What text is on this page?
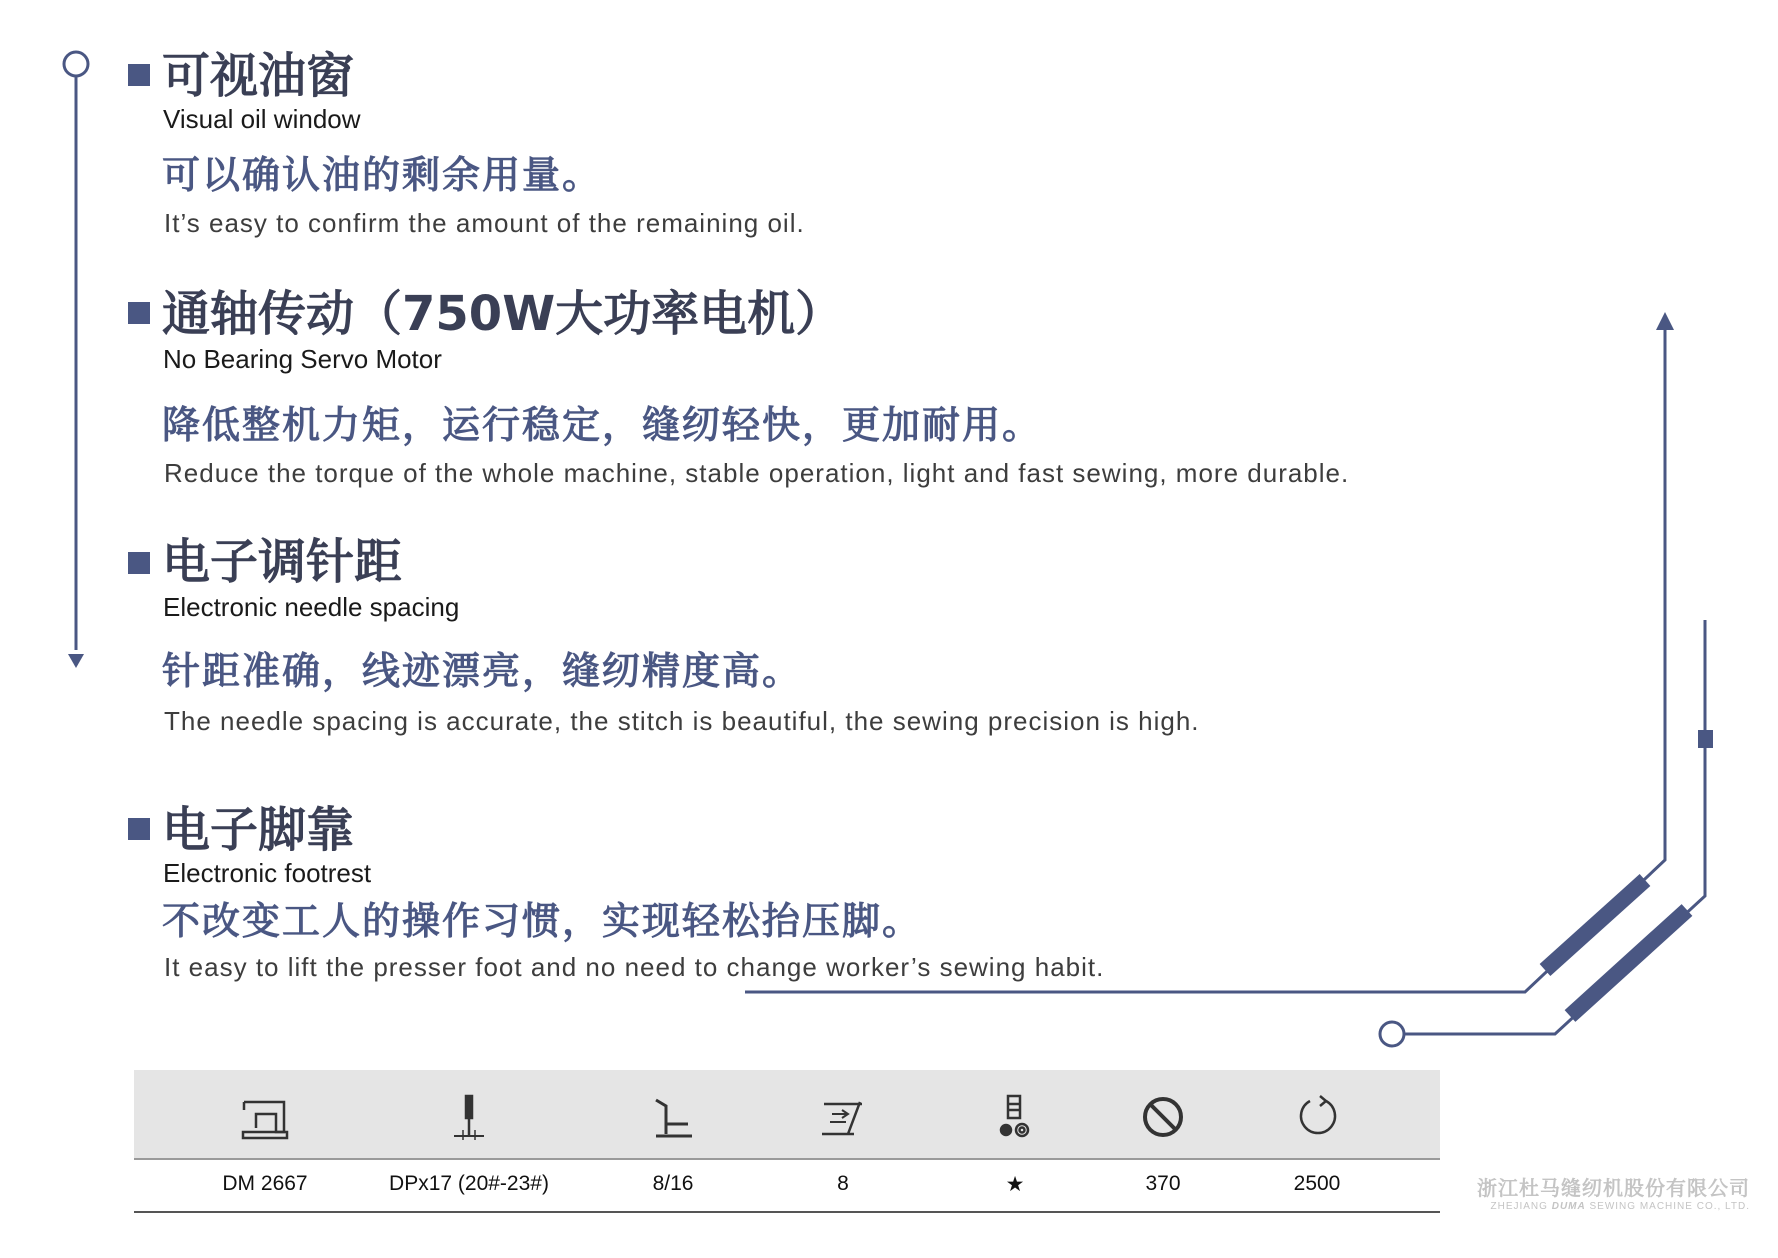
可视油窗
Visual oil window
可以确认油的剩余用量。
It’s easy to confirm the amount of the remaining oil.
通轴传动（750W大功率电机）
No Bearing Servo Motor
降低整机力矩，运行稳定，缝纫轻快，更加耐用。
Reduce the torque of the whole machine, stable operation, light and fast sewing, more durable.
电子调针距
Electronic needle spacing
针距准确，线迹漂亮，缝纫精度高。
The needle spacing is accurate, the stitch is beautiful, the sewing precision is high.
电子脚靠
Electronic footrest
不改变工人的操作习惯，实现轻松抬压脚。
It easy to lift the presser foot and no need to change worker’s sewing habit.
DM 2667	DPx17 (20#-23#)	8/16	8	★	370	2500	浙江杜马缝纫机股份有限公司
ZHEJIANG DUMA SEWING MACHINE CO., LTD.
